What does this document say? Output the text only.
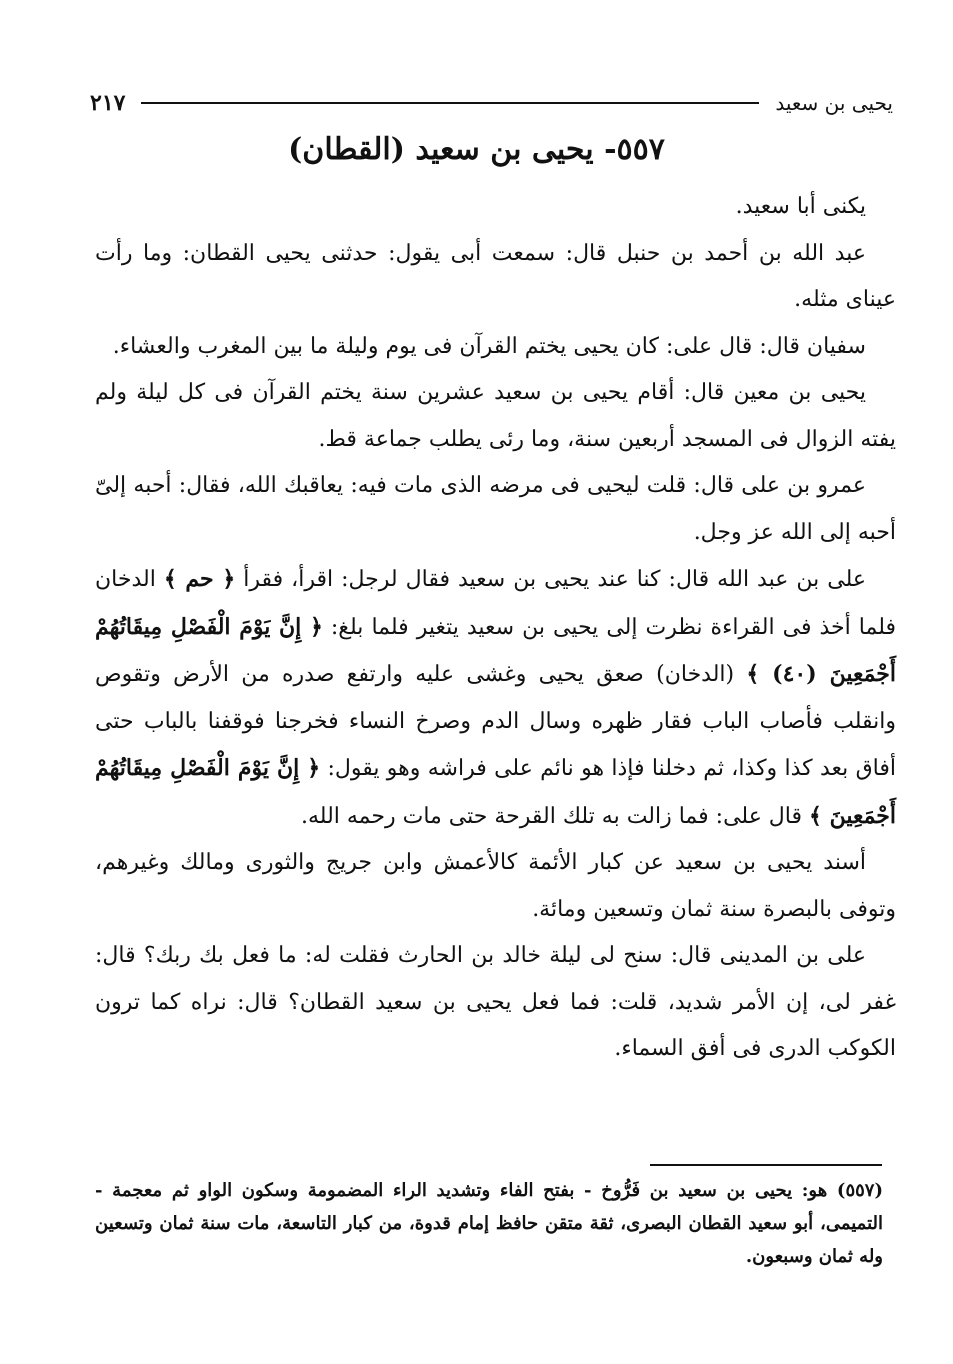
يحيى بن سعيد
٢١٧
٥٥٧- يحيى بن سعيد (القطان)

يكنى أبا سعيد.

عبد الله بن أحمد بن حنبل قال: سمعت أبى يقول: حدثنى يحيى القطان: وما رأت عيناى مثله.

سفيان قال: قال على: كان يحيى يختم القرآن فى يوم وليلة ما بين المغرب والعشاء.

يحيى بن معين قال: أقام يحيى بن سعيد عشرين سنة يختم القرآن فى كل ليلة ولم يفته الزوال فى المسجد أربعين سنة، وما رئى يطلب جماعة قط.

عمرو بن على قال: قلت ليحيى فى مرضه الذى مات فيه: يعاقبك الله، فقال: أحبه إلىّ أحبه إلى الله عز وجل.

على بن عبد الله قال: كنا عند يحيى بن سعيد فقال لرجل: اقرأ، فقرأ ﴿ حم ﴾ الدخان فلما أخذ فى القراءة نظرت إلى يحيى بن سعيد يتغير فلما بلغ: ﴿ إِنَّ يَوْمَ الْفَصْلِ مِيقَاتُهُمْ أَجْمَعِينَ (٤٠) ﴾ (الدخان) صعق يحيى وغشى عليه وارتفع صدره من الأرض وتقوص وانقلب فأصاب الباب فقار ظهره وسال الدم وصرخ النساء فخرجنا فوقفنا بالباب حتى أفاق بعد كذا وكذا، ثم دخلنا فإذا هو نائم على فراشه وهو يقول: ﴿ إِنَّ يَوْمَ الْفَصْلِ مِيقَاتُهُمْ أَجْمَعِينَ ﴾ قال على: فما زالت به تلك القرحة حتى مات رحمه الله.

أسند يحيى بن سعيد عن كبار الأئمة كالأعمش وابن جريج والثورى ومالك وغيرهم، وتوفى بالبصرة سنة ثمان وتسعين ومائة.

على بن المدينى قال: سنح لى ليلة خالد بن الحارث فقلت له: ما فعل بك ربك؟ قال: غفر لى، إن الأمر شديد، قلت: فما فعل يحيى بن سعيد القطان؟ قال: نراه كما ترون الكوكب الدرى فى أفق السماء.

(٥٥٧) هو: يحيى بن سعيد بن فَرُّوخ - بفتح الفاء وتشديد الراء المضمومة وسكون الواو ثم معجمة - التميمى، أبو سعيد القطان البصرى، ثقة متقن حافظ إمام قدوة، من كبار التاسعة، مات سنة ثمان وتسعين وله ثمان وسبعون.
